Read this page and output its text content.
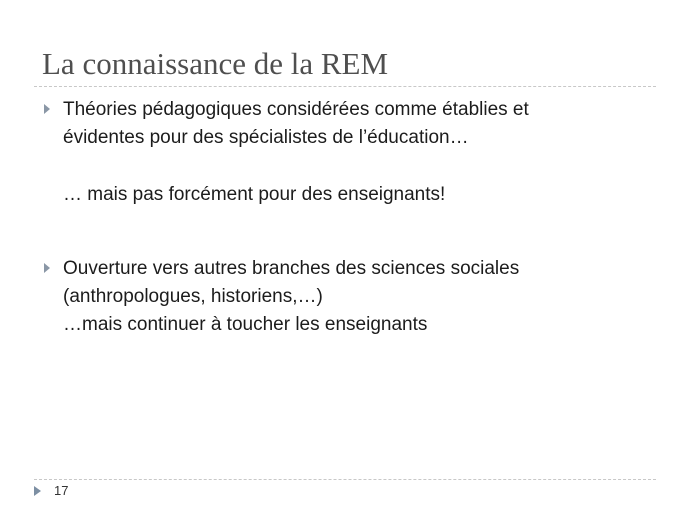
La connaissance de la REM
Théories pédagogiques considérées comme établies et
évidentes pour des spécialistes de l’éducation…
… mais pas forcément pour des enseignants!
Ouverture vers autres branches des sciences sociales
(anthropologues, historiens,…)
…mais continuer à toucher les enseignants
17
